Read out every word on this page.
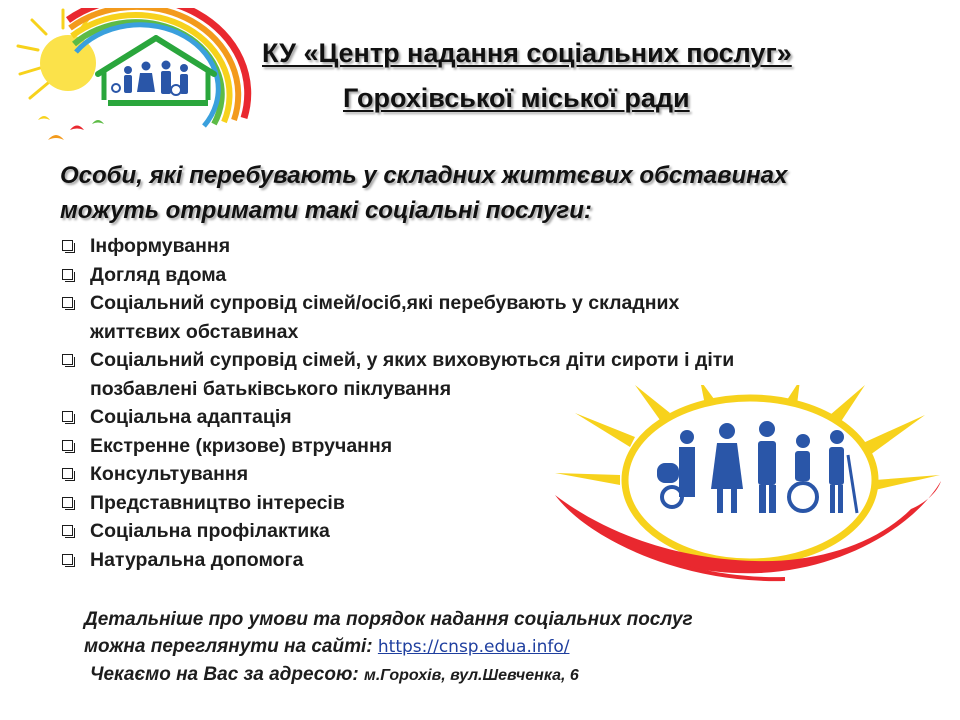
КУ «Центр надання соціальних послуг»
Горохівської міської ради
Особи, які перебувають у складних життєвих обставинах
можуть отримати такі соціальні послуги:
Інформування
Догляд вдома
Соціальний супровід сімей/осіб,які перебувають у складних
життєвих обставинах
Соціальний супровід сімей, у яких виховуються діти сироти і діти
позбавлені батьківського піклування
Соціальна адаптація
Екстренне (кризове) втручання
Консультування
Представництво інтересів
Соціальна профілактика
Натуральна допомога
Детальніше про умови та порядок надання соціальних послуг
можна переглянути на сайті: https://cnsp.edua.info/
Чекаємо на Вас за адресою: м.Горохів, вул.Шевченка, 6
